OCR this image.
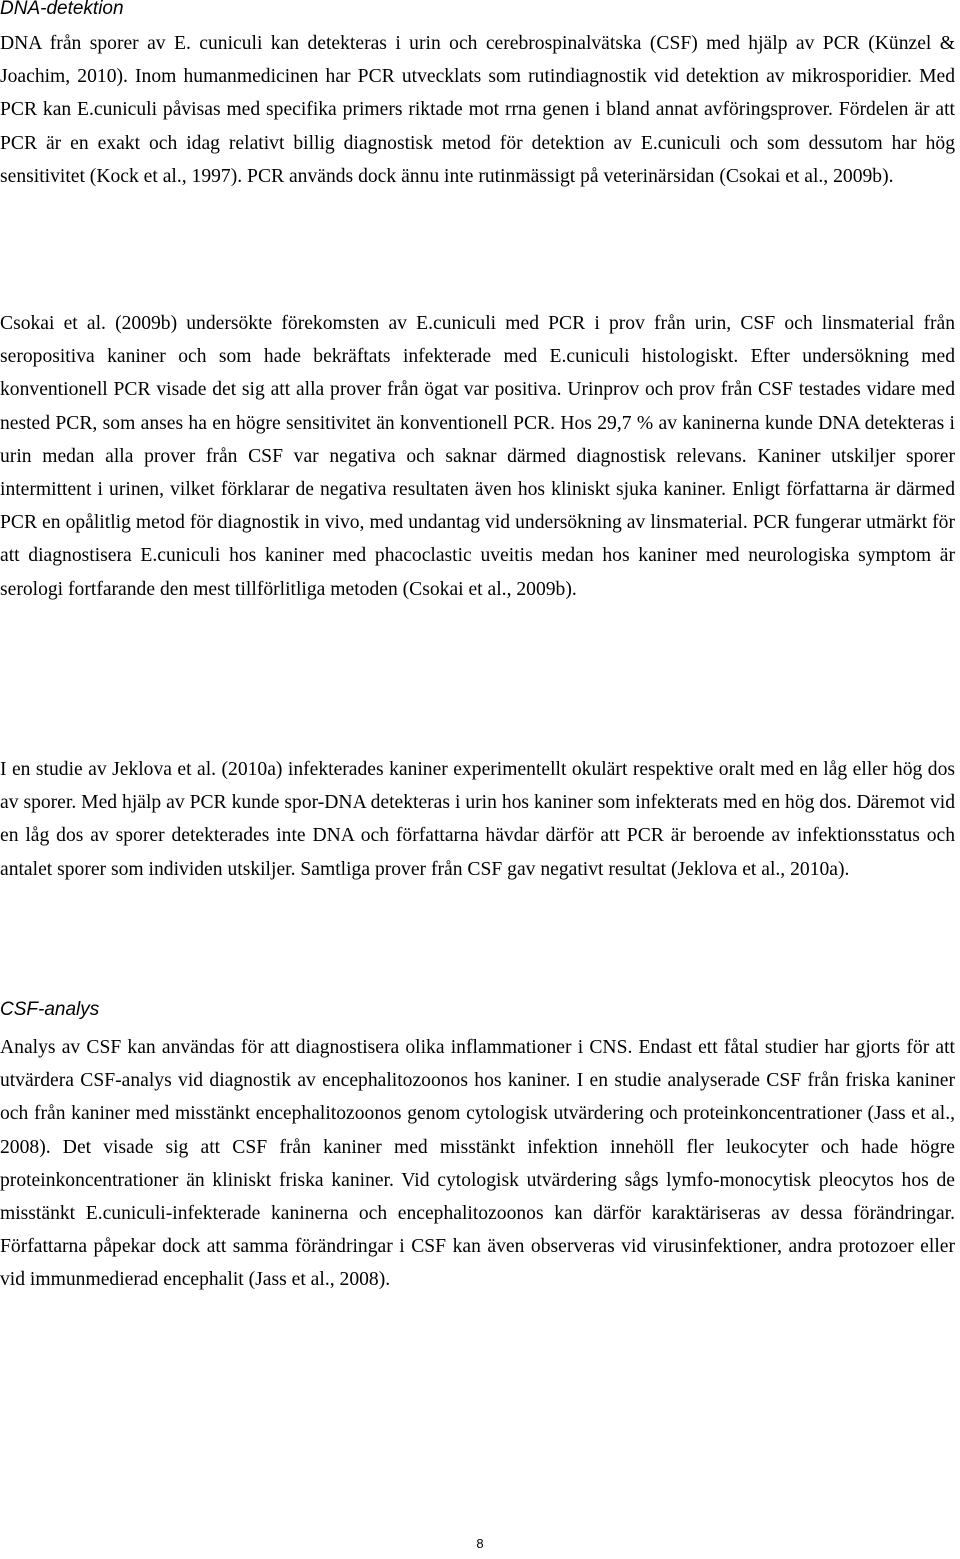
DNA-detektion

DNA från sporer av E. cuniculi kan detekteras i urin och cerebrospinalvätska (CSF) med hjälp av PCR (Künzel & Joachim, 2010). Inom humanmedicinen har PCR utvecklats som rutindiagnostik vid detektion av mikrosporidier. Med PCR kan E.cuniculi påvisas med specifika primers riktade mot rrna genen i bland annat avföringsprover. Fördelen är att PCR är en exakt och idag relativt billig diagnostisk metod för detektion av E.cuniculi och som dessutom har hög sensitivitet (Kock et al., 1997). PCR används dock ännu inte rutinmässigt på veterinärsidan (Csokai et al., 2009b).

Csokai et al. (2009b) undersökte förekomsten av E.cuniculi med PCR i prov från urin, CSF och linsmaterial från seropositiva kaniner och som hade bekräftats infekterade med E.cuniculi histologiskt. Efter undersökning med konventionell PCR visade det sig att alla prover från ögat var positiva. Urinprov och prov från CSF testades vidare med nested PCR, som anses ha en högre sensitivitet än konventionell PCR. Hos 29,7 % av kaninerna kunde DNA detekteras i urin medan alla prover från CSF var negativa och saknar därmed diagnostisk relevans. Kaniner utskiljer sporer intermittent i urinen, vilket förklarar de negativa resultaten även hos kliniskt sjuka kaniner. Enligt författarna är därmed PCR en opålitlig metod för diagnostik in vivo, med undantag vid undersökning av linsmaterial. PCR fungerar utmärkt för att diagnostisera E.cuniculi hos kaniner med phacoclastic uveitis medan hos kaniner med neurologiska symptom är serologi fortfarande den mest tillförlitliga metoden (Csokai et al., 2009b).

I en studie av Jeklova et al. (2010a) infekterades kaniner experimentellt okulärt respektive oralt med en låg eller hög dos av sporer. Med hjälp av PCR kunde spor-DNA detekteras i urin hos kaniner som infekterats med en hög dos. Däremot vid en låg dos av sporer detekterades inte DNA och författarna hävdar därför att PCR är beroende av infektionsstatus och antalet sporer som individen utskiljer. Samtliga prover från CSF gav negativt resultat (Jeklova et al., 2010a).

CSF-analys

Analys av CSF kan användas för att diagnostisera olika inflammationer i CNS. Endast ett fåtal studier har gjorts för att utvärdera CSF-analys vid diagnostik av encephalitozoonos hos kaniner. I en studie analyserade CSF från friska kaniner och från kaniner med misstänkt encephalitozoonos genom cytologisk utvärdering och proteinkoncentrationer (Jass et al., 2008). Det visade sig att CSF från kaniner med misstänkt infektion innehöll fler leukocyter och hade högre proteinkoncentrationer än kliniskt friska kaniner. Vid cytologisk utvärdering sågs lymfo-monocytisk pleocytos hos de misstänkt E.cuniculi-infekterade kaninerna och encephalitozoonos kan därför karaktäriseras av dessa förändringar. Författarna påpekar dock att samma förändringar i CSF kan även observeras vid virusinfektioner, andra protozoer eller vid immunmedierad encephalit (Jass et al., 2008).

8
